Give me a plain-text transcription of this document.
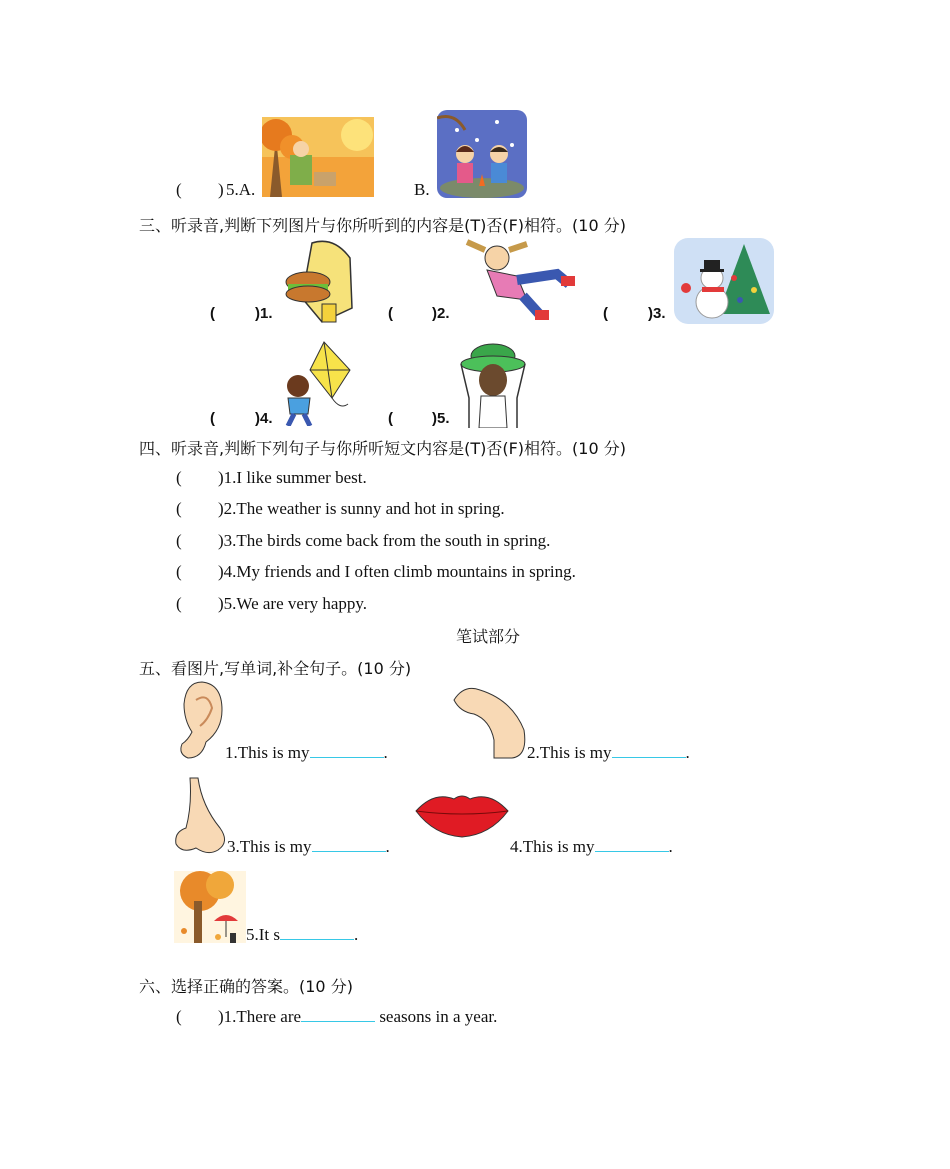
( ) 5.A.	B.
三、听录音,判断下列图片与你所听到的内容是(T)否(F)相符。(10 分)
(	)1.	(	)2.	(	)3.
(	)4.	(	)5.
四、听录音,判断下列句子与你所听短文内容是(T)否(F)相符。(10 分)
( )1.I like summer best.
( )2.The weather is sunny and hot in spring.
( )3.The birds come back from the south in spring.
( )4.My friends and I often climb mountains in spring.
( )5.We are very happy.
笔试部分
五、看图片,写单词,补全句子。(10 分)
1.This is my	.	2.This is my	.
3.This is my	.	4.This is my	.
5.It s	.
六、选择正确的答案。(10 分)
( )1.There are	seasons in a year.
